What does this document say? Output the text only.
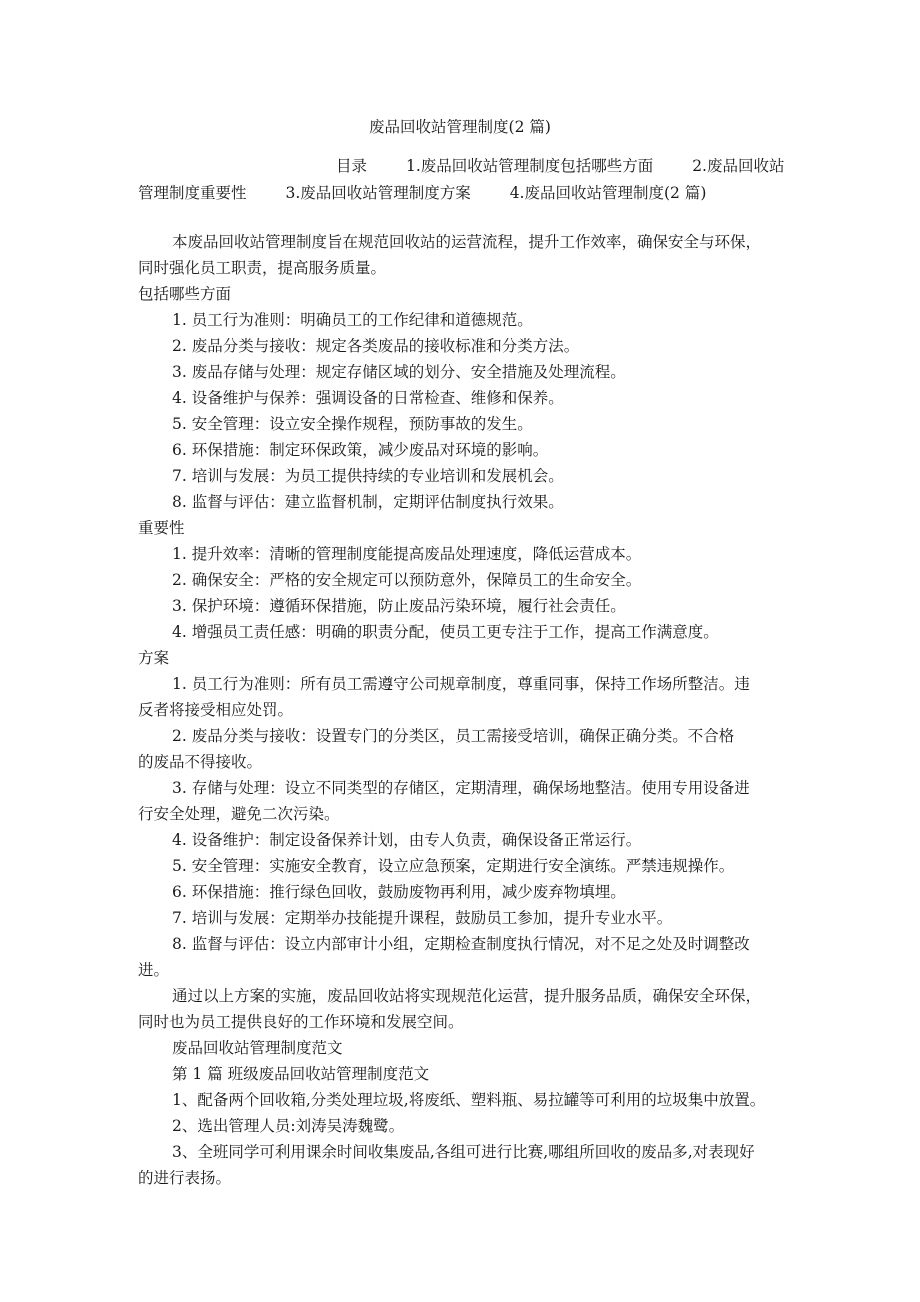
废品回收站管理制度(2 篇)
目录	1.废品回收站管理制度包括哪些方面	2.废品回收站
管理制度重要性	3.废品回收站管理制度方案	4.废品回收站管理制度(2 篇)
本废品回收站管理制度旨在规范回收站的运营流程，提升工作效率，确保安全与环保，
同时强化员工职责，提高服务质量。
包括哪些方面
1. 员工行为准则：明确员工的工作纪律和道德规范。
2. 废品分类与接收：规定各类废品的接收标准和分类方法。
3. 废品存储与处理：规定存储区域的划分、安全措施及处理流程。
4. 设备维护与保养：强调设备的日常检查、维修和保养。
5. 安全管理：设立安全操作规程，预防事故的发生。
6. 环保措施：制定环保政策，减少废品对环境的影响。
7. 培训与发展：为员工提供持续的专业培训和发展机会。
8. 监督与评估：建立监督机制，定期评估制度执行效果。
重要性
1. 提升效率：清晰的管理制度能提高废品处理速度，降低运营成本。
2. 确保安全：严格的安全规定可以预防意外，保障员工的生命安全。
3. 保护环境：遵循环保措施，防止废品污染环境，履行社会责任。
4. 增强员工责任感：明确的职责分配，使员工更专注于工作，提高工作满意度。
方案
1. 员工行为准则：所有员工需遵守公司规章制度，尊重同事，保持工作场所整洁。违
反者将接受相应处罚。
2. 废品分类与接收：设置专门的分类区，员工需接受培训，确保正确分类。不合格
的废品不得接收。
3. 存储与处理：设立不同类型的存储区，定期清理，确保场地整洁。使用专用设备进
行安全处理，避免二次污染。
4. 设备维护：制定设备保养计划，由专人负责，确保设备正常运行。
5. 安全管理：实施安全教育，设立应急预案，定期进行安全演练。严禁违规操作。
6. 环保措施：推行绿色回收，鼓励废物再利用，减少废弃物填埋。
7. 培训与发展：定期举办技能提升课程，鼓励员工参加，提升专业水平。
8. 监督与评估：设立内部审计小组，定期检查制度执行情况，对不足之处及时调整改
进。
通过以上方案的实施，废品回收站将实现规范化运营，提升服务品质，确保安全环保，
同时也为员工提供良好的工作环境和发展空间。
废品回收站管理制度范文
第 1 篇 班级废品回收站管理制度范文
1、配备两个回收箱,分类处理垃圾,将废纸、塑料瓶、易拉罐等可利用的垃圾集中放置。
2、选出管理人员:刘涛吴涛魏鹭。
3、全班同学可利用课余时间收集废品,各组可进行比赛,哪组所回收的废品多,对表现好
的进行表扬。
